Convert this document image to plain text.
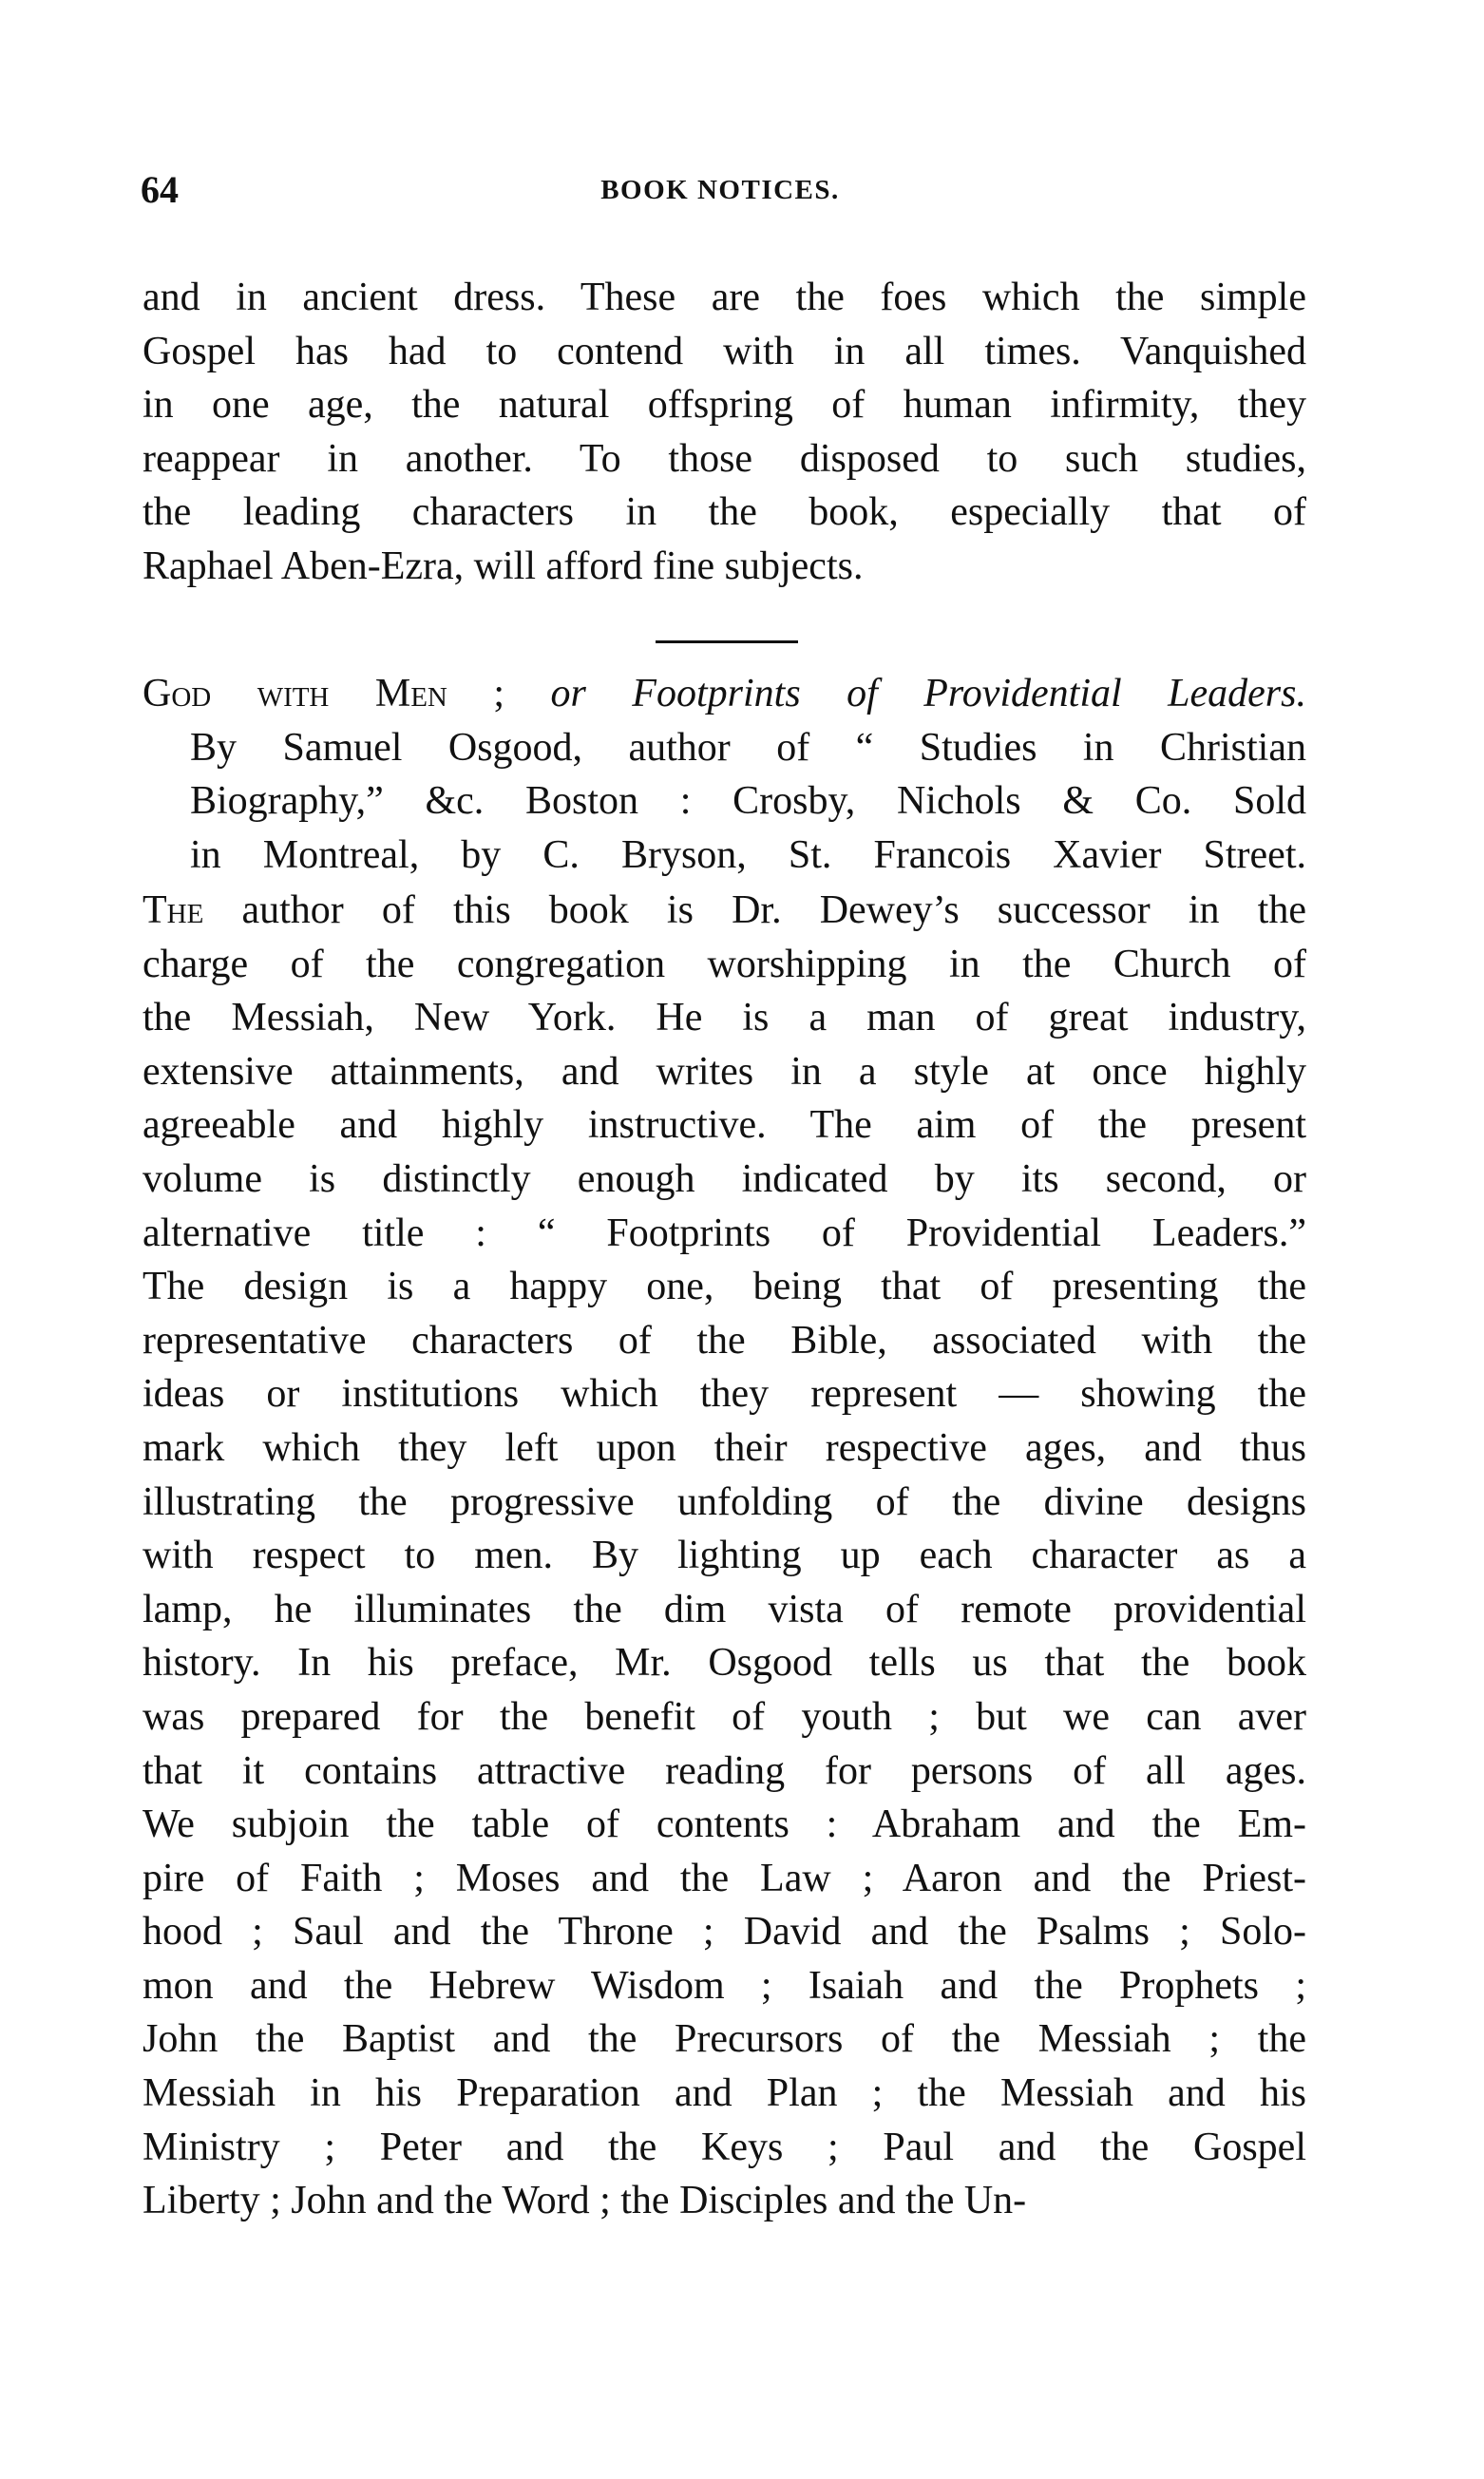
64	BOOK NOTICES.
and in ancient dress. These are the foes which the simple
Gospel has had to contend with in all times. Vanquished
in one age, the natural offspring of human infirmity, they
reappear in another. To those disposed to such studies,
the leading characters in the book, especially that of
Raphael Aben-Ezra, will afford fine subjects.
God with Men ; or Footprints of Providential Leaders.
By Samuel Osgood, author of “ Studies in Christian
Biography,” &c. Boston : Crosby, Nichols & Co. Sold
in Montreal, by C. Bryson, St. Francois Xavier Street.
The author of this book is Dr. Dewey’s successor in the
charge of the congregation worshipping in the Church of
the Messiah, New York. He is a man of great industry,
extensive attainments, and writes in a style at once highly
agreeable and highly instructive. The aim of the present
volume is distinctly enough indicated by its second, or
alternative title : “ Footprints of Providential Leaders.”
The design is a happy one, being that of presenting the
representative characters of the Bible, associated with the
ideas or institutions which they represent — showing the
mark which they left upon their respective ages, and thus
illustrating the progressive unfolding of the divine designs
with respect to men. By lighting up each character as a
lamp, he illuminates the dim vista of remote providential
history. In his preface, Mr. Osgood tells us that the book
was prepared for the benefit of youth ; but we can aver
that it contains attractive reading for persons of all ages.
We subjoin the table of contents : Abraham and the Em-
pire of Faith ; Moses and the Law ; Aaron and the Priest-
hood ; Saul and the Throne ; David and the Psalms ; Solo-
mon and the Hebrew Wisdom ; Isaiah and the Prophets ;
John the Baptist and the Precursors of the Messiah ; the
Messiah in his Preparation and Plan ; the Messiah and his
Ministry ; Peter and the Keys ; Paul and the Gospel
Liberty ; John and the Word ; the Disciples and the Un-
